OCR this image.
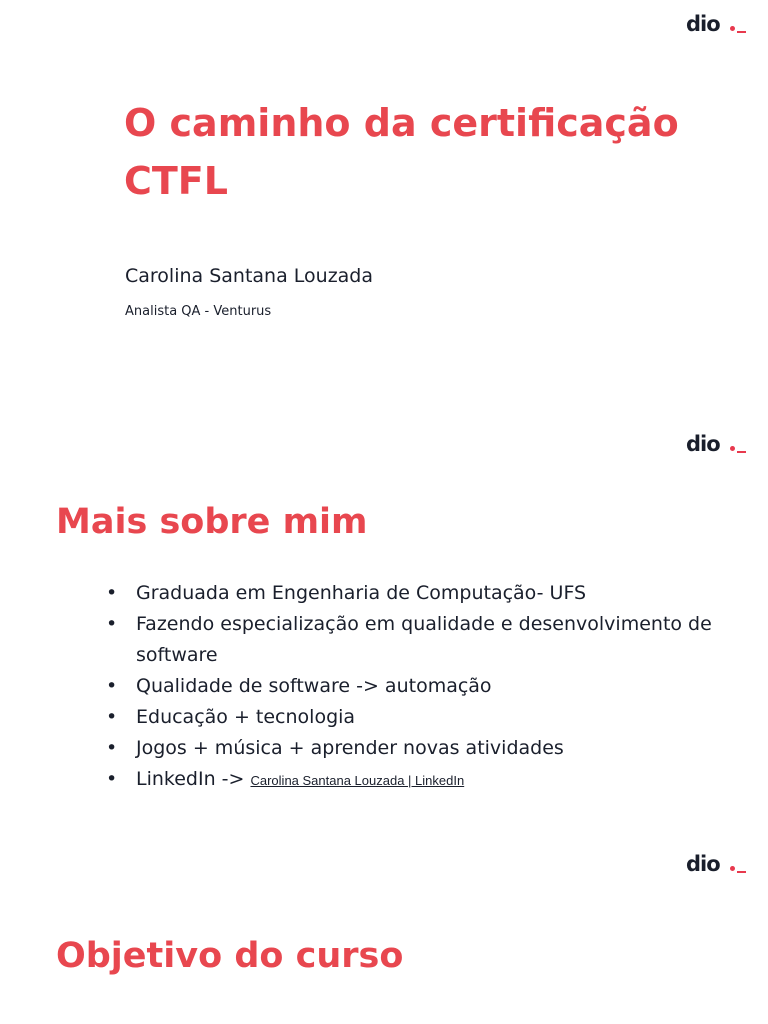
dio
O caminho da certificação CTFL
Carolina Santana Louzada
Analista QA - Venturus
dio
Mais sobre mim
• Graduada em Engenharia de Computação- UFS
• Fazendo especialização em qualidade e desenvolvimento de software
• Qualidade de software -> automação
• Educação + tecnologia
• Jogos + música + aprender novas atividades
• LinkedIn -> Carolina Santana Louzada | LinkedIn
dio
Objetivo do curso
